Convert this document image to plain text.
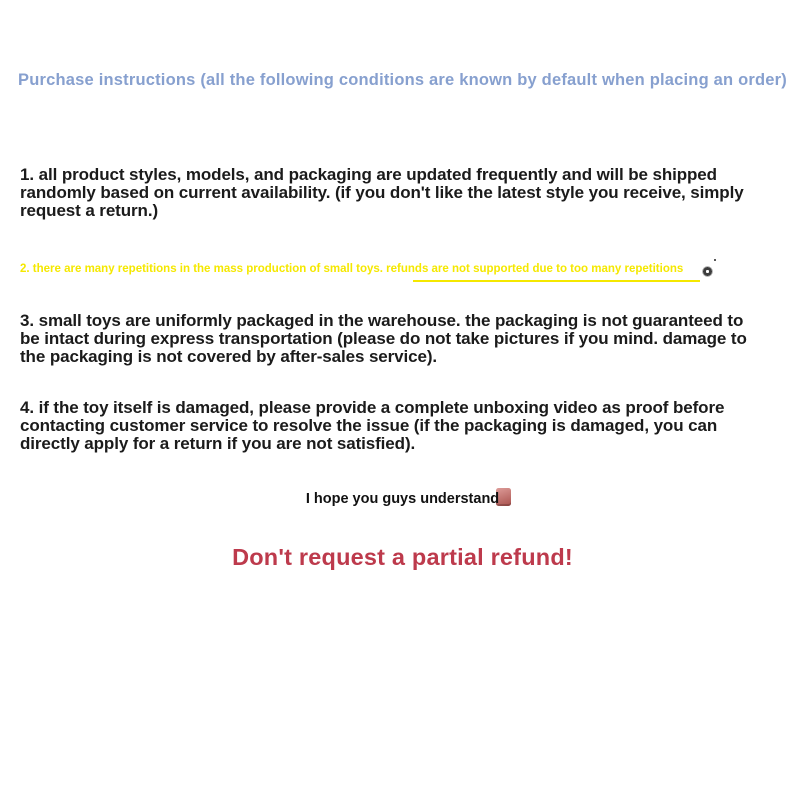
Purchase instructions (all the following conditions are known by default when placing an order)
1. all product styles, models, and packaging are updated frequently and will be shipped
randomly based on current availability. (if you don't like the latest style you receive, simply
request a return.)
2. there are many repetitions in the mass production of small toys. refunds are not supported due to too many repetitions
3. small toys are uniformly packaged in the warehouse. the packaging is not guaranteed to
be intact during express transportation (please do not take pictures if you mind. damage to
the packaging is not covered by after-sales service).
4. if the toy itself is damaged, please provide a complete unboxing video as proof before
contacting customer service to resolve the issue (if the packaging is damaged, you can
directly apply for a return if you are not satisfied).
I hope you guys understand
Don't request a partial refund!
